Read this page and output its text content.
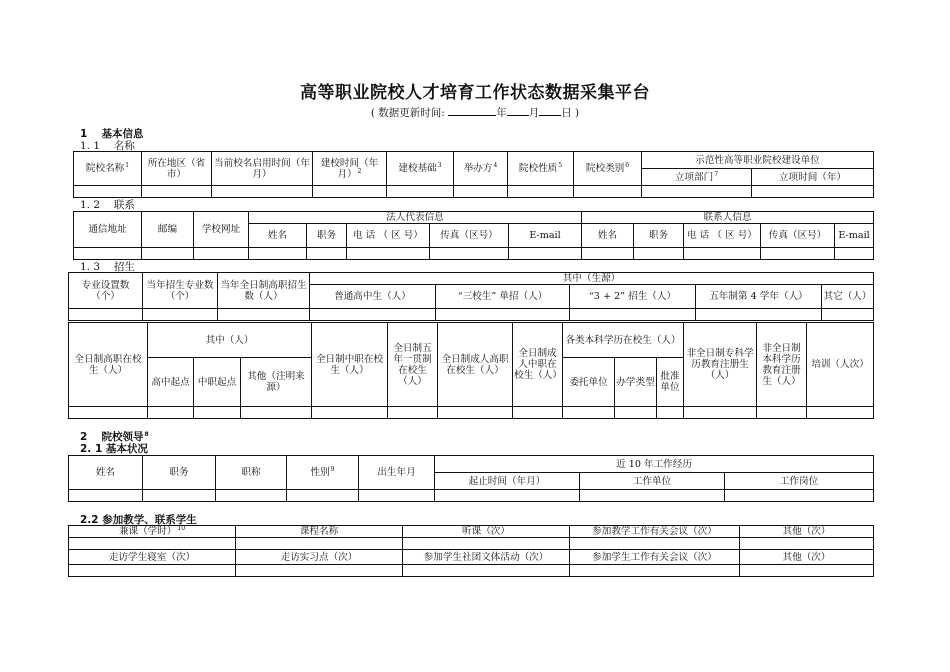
高等职业院校人才培育工作状态数据采集平台
( 数据更新时间:	年 月 日 )
1　 基本信息
1. 1　 名称
院校名称$^1$	所在地区（省市）	当前校名启用时间（年月）	建校时间（年月）$^2$	建校基础$^3$	举办方$^4$	院校性质$^5$	院校类别$^6$	示范性高等职业院校建设单位	
								立项部门$^7$	立项时间（年）

1. 2　 联系
通信地址	邮编	学校网址	法人代表信息					联系人信息				
			姓名	职务	电 话 （ 区 号）	传真（区号）	E-mail	姓名	职务	电 话 （ 区 号）	传真（区号）	E-mail

1. 3　 招生
专业设置数（个）	当年招生专业数（个）	当年全日制高职招生数（人）	其中（生源）				
			普通高中生（人）	“三校生” 单招（人）	“3 + 2” 招生（人）	五年制第 4 学年（人）	其它（人）

全日制高职在校生（人）	其中（人）			全日制中职在校生（人）	全日制五年一贯制在校生（人）	全日制成人高职在校生（人）	全日制成人中职在校生（人）	各类本科学历在校生（人）			非全日制专科学历教育注册生（人）	非全日制本科学历教育注册生（人）	培训（人次）
	高中起点	中职起点	其他（注明来源）					委托单位	办学类型	批准单位			

2　 院校领导$^8$
2. 1 基本状况
姓名	职务	职称	性别$^9$	出生年月	近 10 年工作经历		
					起止时间（年月）	工作单位	工作岗位

2.2 参加教学、联系学生
兼课（学时）$^{10}$	课程名称	听课（次）	参加教学工作有关会议（次）	其他（次）

走访学生寝室（次）	走访实习点（次）	参加学生社团文体活动（次）	参加学生工作有关会议（次）	其他（次）
